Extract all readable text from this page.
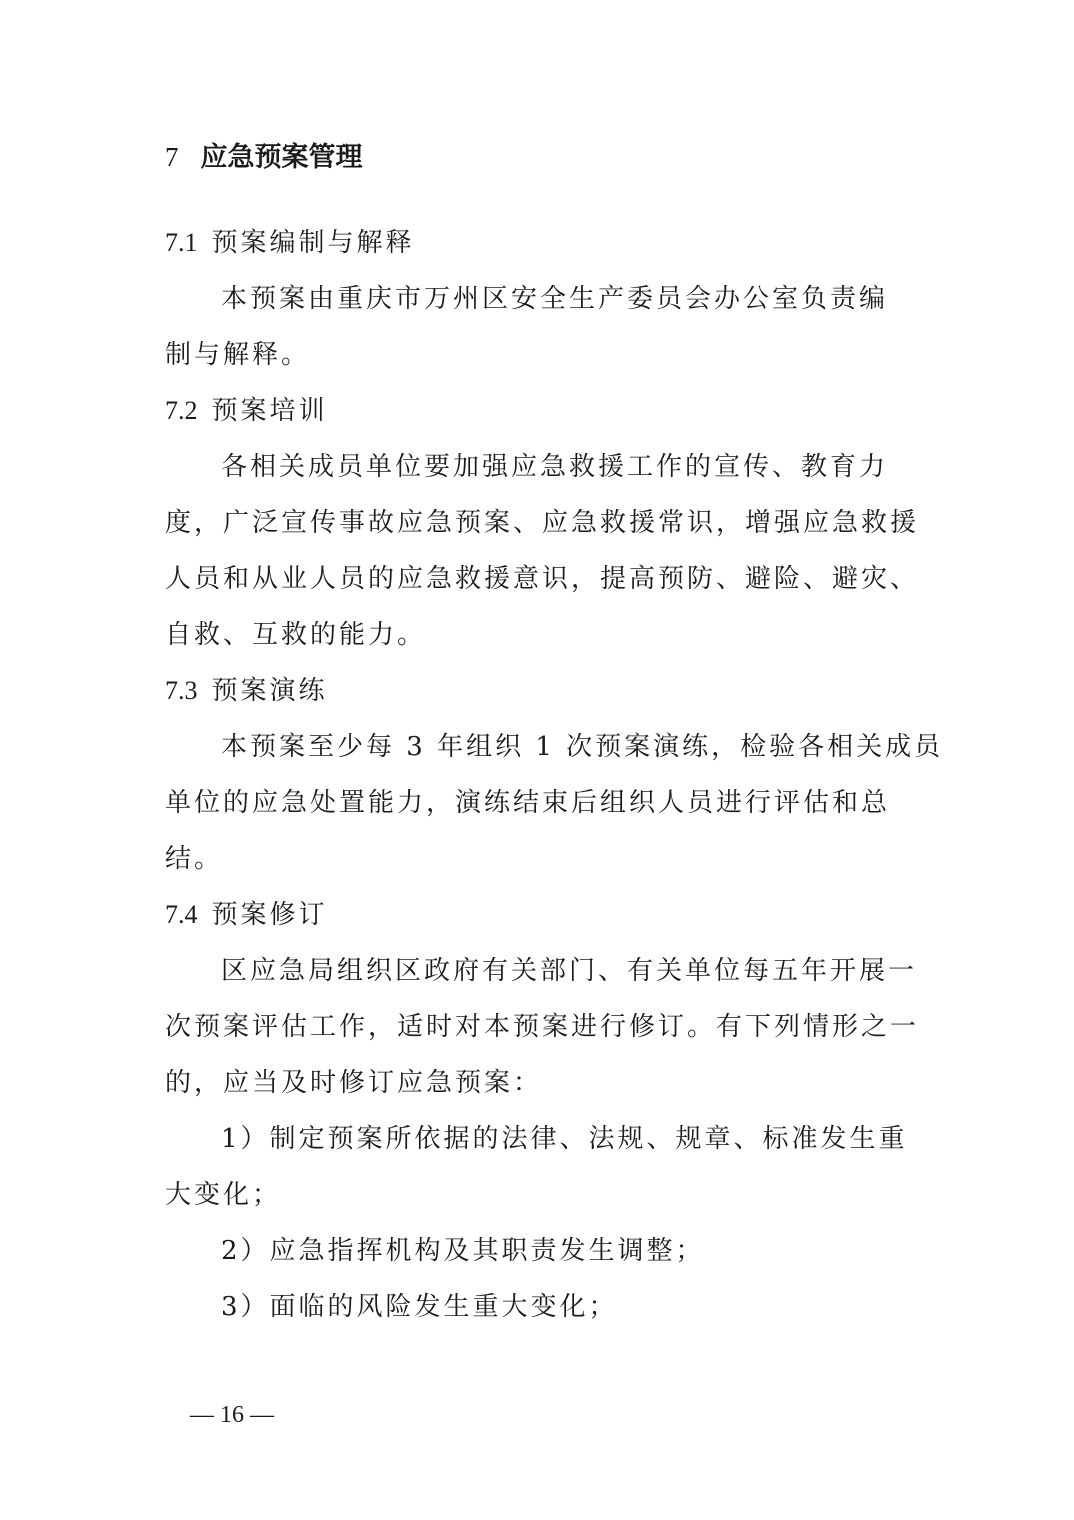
7 应急预案管理
7.1 预案编制与解释
本预案由重庆市万州区安全生产委员会办公室负责编
制与解释。
7.2 预案培训
各相关成员单位要加强应急救援工作的宣传、教育力
度，广泛宣传事故应急预案、应急救援常识，增强应急救援
人员和从业人员的应急救援意识，提高预防、避险、避灾、
自救、互救的能力。
7.3 预案演练
本预案至少每 3 年组织 1 次预案演练，检验各相关成员
单位的应急处置能力，演练结束后组织人员进行评估和总
结。
7.4 预案修订
区应急局组织区政府有关部门、有关单位每五年开展一
次预案评估工作，适时对本预案进行修订。有下列情形之一
的，应当及时修订应急预案：
1）制定预案所依据的法律、法规、规章、标准发生重
大变化；
2）应急指挥机构及其职责发生调整；
3）面临的风险发生重大变化；
— 16 —
